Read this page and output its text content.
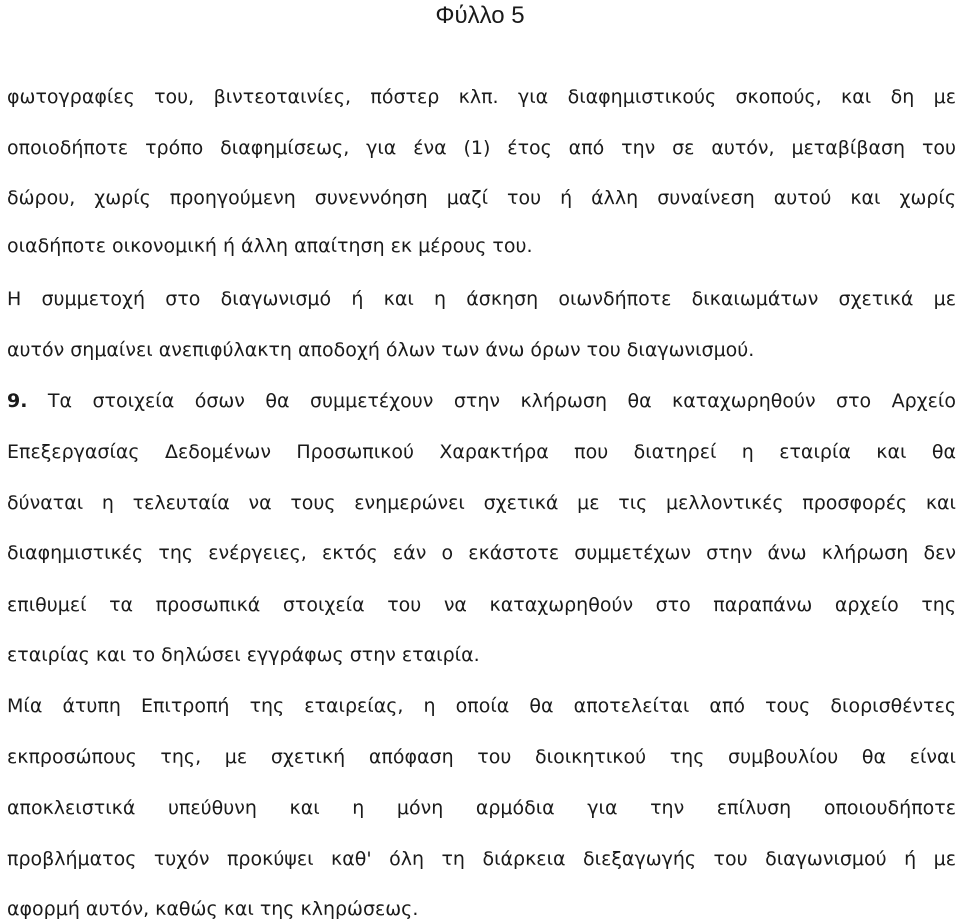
Φύλλο 5

φωτογραφίες του, βιντεοταινίες, πόστερ κλπ. για διαφημιστικούς σκοπούς, και δη με

οποιοδήποτε τρόπο διαφημίσεως, για ένα (1) έτος από την σε αυτόν, μεταβίβαση του

δώρου, χωρίς προηγούμενη συνεννόηση μαζί του ή άλλη συναίνεση αυτού και χωρίς

οιαδήποτε οικονομική ή άλλη απαίτηση εκ μέρους του.

Η συμμετοχή στο διαγωνισμό ή και η άσκηση οιωνδήποτε δικαιωμάτων σχετικά με

αυτόν σημαίνει ανεπιφύλακτη αποδοχή όλων των άνω όρων του διαγωνισμού.

9. Τα στοιχεία όσων θα συμμετέχουν στην κλήρωση θα καταχωρηθούν στο Αρχείο

Επεξεργασίας Δεδομένων Προσωπικού Χαρακτήρα που διατηρεί η εταιρία και θα

δύναται η τελευταία να τους ενημερώνει σχετικά με τις μελλοντικές προσφορές και

διαφημιστικές της ενέργειες, εκτός εάν ο εκάστοτε συμμετέχων στην άνω κλήρωση δεν

επιθυμεί τα προσωπικά στοιχεία του να καταχωρηθούν στο παραπάνω αρχείο της

εταιρίας και το δηλώσει εγγράφως στην εταιρία.

Μία άτυπη Επιτροπή της εταιρείας, η οποία θα αποτελείται από τους διορισθέντες

εκπροσώπους της, με σχετική απόφαση του διοικητικού της συμβουλίου θα είναι

αποκλειστικά υπεύθυνη και η μόνη αρμόδια για την επίλυση οποιουδήποτε

προβλήματος τυχόν προκύψει καθ' όλη τη διάρκεια διεξαγωγής του διαγωνισμού ή με

αφορμή αυτόν, καθώς και της κληρώσεως.
